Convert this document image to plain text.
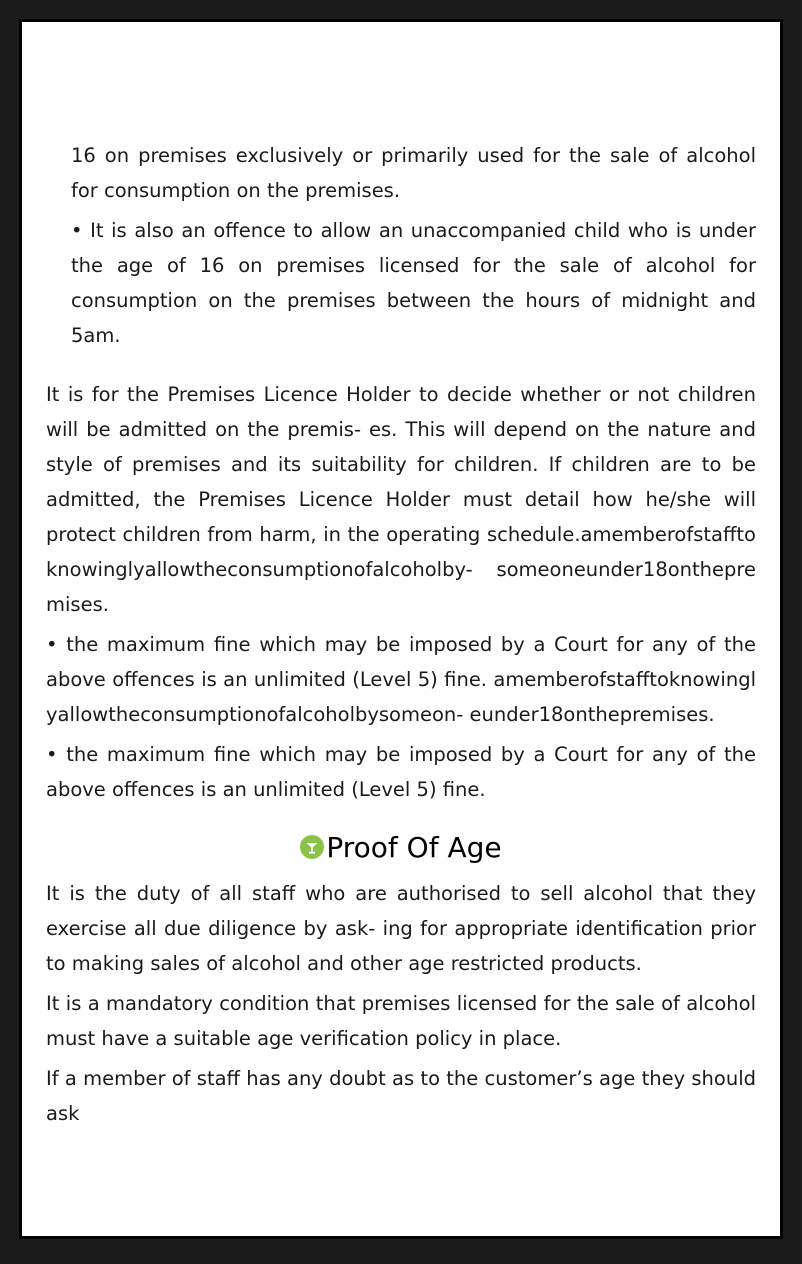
16 on premises exclusively or primarily used for the sale of alcohol for consumption on the premises.

• It is also an offence to allow an unaccompanied child who is under the age of 16 on premises licensed for the sale of alcohol for consumption on the premises between the hours of midnight and 5am.

It is for the Premises Licence Holder to decide whether or not children will be admitted on the premis- es. This will depend on the nature and style of premises and its suitability for children. If children are to be admitted, the Premises Licence Holder must detail how he/she will protect children from harm, in the operating schedule.amemberofstafftoknowinglyallowtheconsumptionofalcoholby- someoneunder18onthepremises.

• the maximum fine which may be imposed by a Court for any of the above offences is an unlimited (Level 5) fine. amemberofstafftoknowinglyallowtheconsumptionofalcoholbysomeon- eunder18onthepremises.

• the maximum fine which may be imposed by a Court for any of the above offences is an unlimited (Level 5) fine.

Proof Of Age

It is the duty of all staff who are authorised to sell alcohol that they exercise all due diligence by ask- ing for appropriate identification prior to making sales of alcohol and other age restricted products.

It is a mandatory condition that premises licensed for the sale of alcohol must have a suitable age verification policy in place.

If a member of staff has any doubt as to the customer’s age they should ask
